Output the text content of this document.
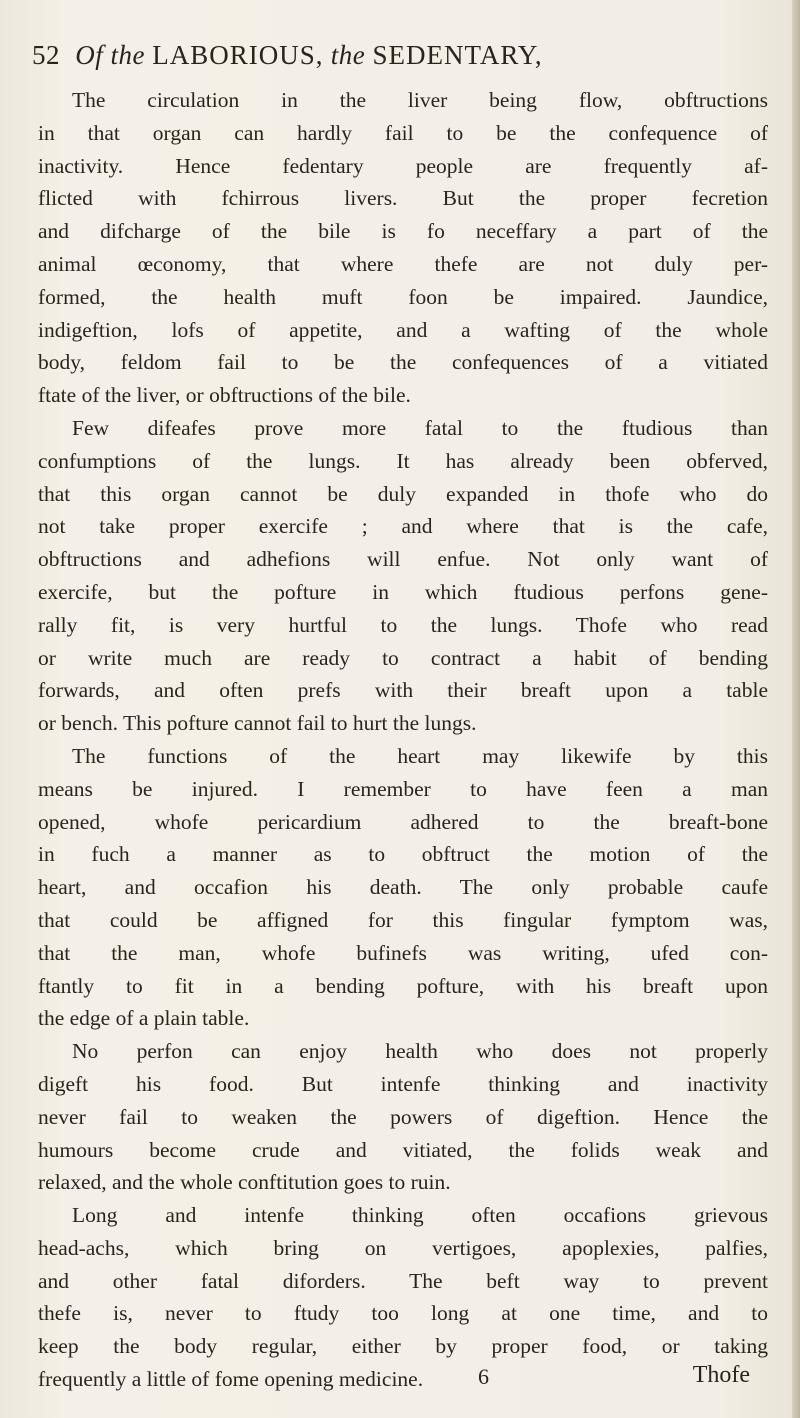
52 Of the LABORIOUS, the SEDENTARY,
The circulation in the liver being flow, obftructions
in that organ can hardly fail to be the confequence of
inactivity. Hence fedentary people are frequently af-
flicted with fchirrous livers. But the proper fecretion
and difcharge of the bile is fo neceffary a part of the
animal œconomy, that where thefe are not duly per-
formed, the health muft foon be impaired. Jaundice,
indigeftion, lofs of appetite, and a wafting of the whole
body, feldom fail to be the confequences of a vitiated
ftate of the liver, or obftructions of the bile.
Few difeafes prove more fatal to the ftudious than
confumptions of the lungs. It has already been obferved,
that this organ cannot be duly expanded in thofe who do
not take proper exercife ; and where that is the cafe,
obftructions and adhefions will enfue. Not only want of
exercife, but the pofture in which ftudious perfons gene-
rally fit, is very hurtful to the lungs. Thofe who read
or write much are ready to contract a habit of bending
forwards, and often prefs with their breaft upon a table
or bench. This pofture cannot fail to hurt the lungs.
The functions of the heart may likewife by this
means be injured. I remember to have feen a man
opened, whofe pericardium adhered to the breaft-bone
in fuch a manner as to obftruct the motion of the
heart, and occafion his death. The only probable caufe
that could be affigned for this fingular fymptom was,
that the man, whofe bufinefs was writing, ufed con-
ftantly to fit in a bending pofture, with his breaft upon
the edge of a plain table.
No perfon can enjoy health who does not properly
digeft his food. But intenfe thinking and inactivity
never fail to weaken the powers of digeftion. Hence the
humours become crude and vitiated, the folids weak and
relaxed, and the whole conftitution goes to ruin.
Long and intenfe thinking often occafions grievous
head-achs, which bring on vertigoes, apoplexies, palfies,
and other fatal diforders. The beft way to prevent
thefe is, never to ftudy too long at one time, and to
keep the body regular, either by proper food, or taking
frequently a little of fome opening medicine.	6	Thofe
